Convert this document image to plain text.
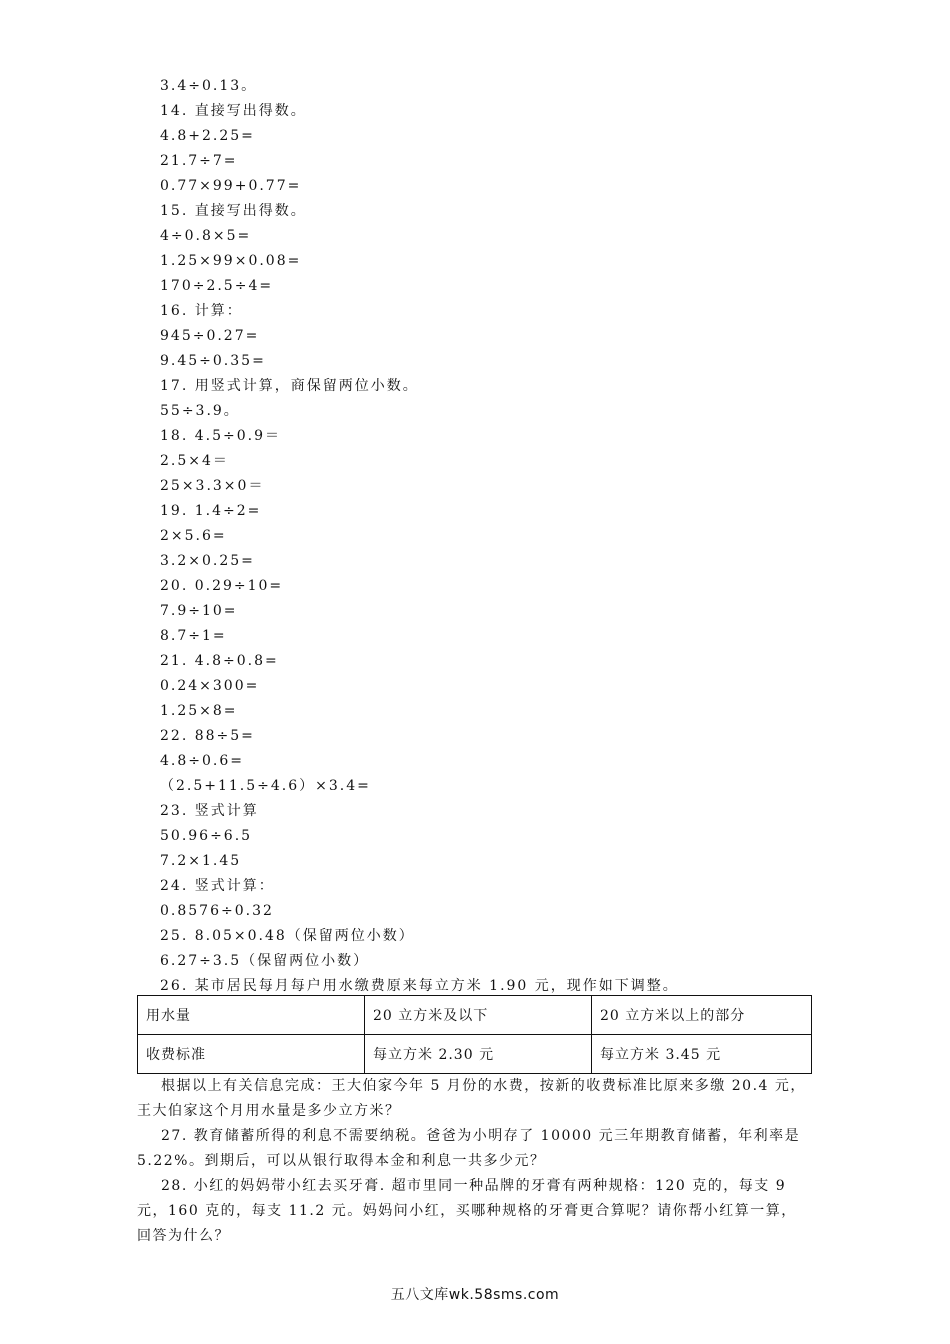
3.4÷0.13。
14. 直接写出得数。
4.8+2.25=
21.7÷7=
0.77×99+0.77=
15. 直接写出得数。
4÷0.8×5=
1.25×99×0.08=
170÷2.5÷4=
16. 计算：
945÷0.27=
9.45÷0.35=
17. 用竖式计算，商保留两位小数。
55÷3.9。
18. 4.5÷0.9＝
2.5×4＝
25×3.3×0＝
19. 1.4÷2=
2×5.6=
3.2×0.25=
20. 0.29÷10=
7.9÷10=
8.7÷1=
21. 4.8÷0.8=
0.24×300=
1.25×8=
22. 88÷5=
4.8÷0.6=
（2.5+11.5÷4.6）×3.4=
23. 竖式计算
50.96÷6.5
7.2×1.45
24. 竖式计算：
0.8576÷0.32
25. 8.05×0.48（保留两位小数）
6.27÷3.5（保留两位小数）
26. 某市居民每月每户用水缴费原来每立方米 1.90 元，现作如下调整。
用水量	20 立方米及以下	20 立方米以上的部分
收费标准	每立方米 2.30 元	每立方米 3.45 元

根据以上有关信息完成：王大伯家今年 5 月份的水费，按新的收费标准比原来多缴 20.4 元，王大伯家这个月用水量是多少立方米？

27. 教育储蓄所得的利息不需要纳税。爸爸为小明存了 10000 元三年期教育储蓄，年利率是 5.22%。到期后，可以从银行取得本金和利息一共多少元？

28. 小红的妈妈带小红去买牙膏. 超市里同一种品牌的牙膏有两种规格：120 克的，每支 9 元，160 克的，每支 11.2 元。妈妈问小红，买哪种规格的牙膏更合算呢？请你帮小红算一算，回答为什么？

五八文库wk.58sms.com
